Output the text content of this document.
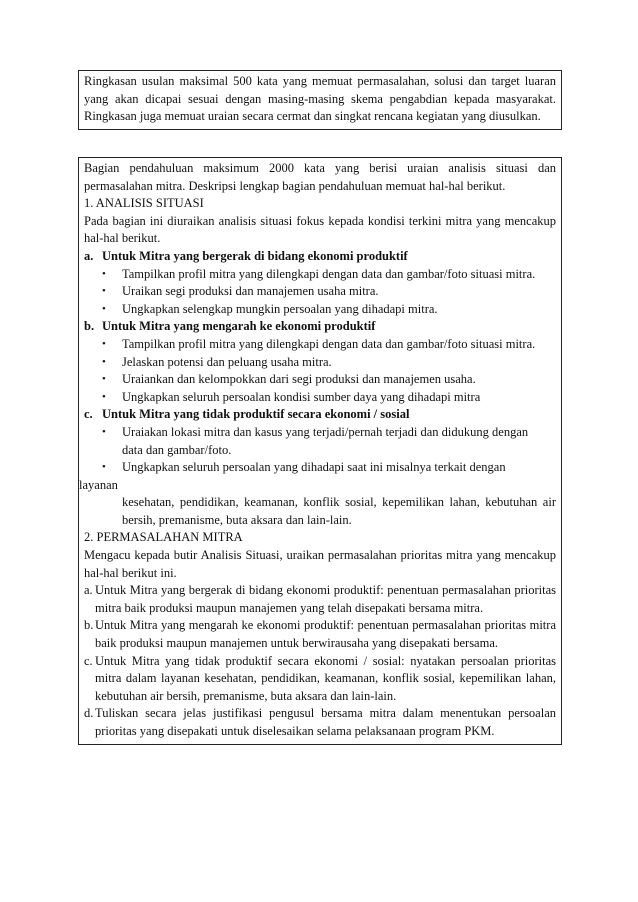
Ringkasan usulan maksimal 500 kata yang memuat permasalahan, solusi dan target luaran yang akan dicapai sesuai dengan masing-masing skema pengabdian kepada masyarakat. Ringkasan juga memuat uraian secara cermat dan singkat rencana kegiatan yang diusulkan.
Bagian pendahuluan maksimum 2000 kata yang berisi uraian analisis situasi dan permasalahan mitra. Deskripsi lengkap bagian pendahuluan memuat hal-hal berikut.
1. ANALISIS SITUASI
Pada bagian ini diuraikan analisis situasi fokus kepada kondisi terkini mitra yang mencakup hal-hal berikut.
a. Untuk Mitra yang bergerak di bidang ekonomi produktif
• Tampilkan profil mitra yang dilengkapi dengan data dan gambar/foto situasi mitra.
• Uraikan segi produksi dan manajemen usaha mitra.
• Ungkapkan selengkap mungkin persoalan yang dihadapi mitra.
b. Untuk Mitra yang mengarah ke ekonomi produktif
• Tampilkan profil mitra yang dilengkapi dengan data dan gambar/foto situasi mitra.
• Jelaskan potensi dan peluang usaha mitra.
• Uraiankan dan kelompokkan dari segi produksi dan manajemen usaha.
• Ungkapkan seluruh persoalan kondisi sumber daya yang dihadapi mitra
c. Untuk Mitra yang tidak produktif secara ekonomi / sosial
• Uraiakan lokasi mitra dan kasus yang terjadi/pernah terjadi dan didukung dengan
data dan gambar/foto.
• Ungkapkan seluruh persoalan yang dihadapi saat ini misalnya terkait dengan
layanan
kesehatan, pendidikan, keamanan, konflik sosial, kepemilikan lahan, kebutuhan air bersih, premanisme, buta aksara dan lain-lain.
2. PERMASALAHAN MITRA
Mengacu kepada butir Analisis Situasi, uraikan permasalahan prioritas mitra yang mencakup hal-hal berikut ini.
a. Untuk Mitra yang bergerak di bidang ekonomi produktif: penentuan permasalahan prioritas mitra baik produksi maupun manajemen yang telah disepakati bersama mitra.
b. Untuk Mitra yang mengarah ke ekonomi produktif: penentuan permasalahan prioritas mitra baik produksi maupun manajemen untuk berwirausaha yang disepakati bersama.
c. Untuk Mitra yang tidak produktif secara ekonomi / sosial: nyatakan persoalan prioritas mitra dalam layanan kesehatan, pendidikan, keamanan, konflik sosial, kepemilikan lahan, kebutuhan air bersih, premanisme, buta aksara dan lain-lain.
d. Tuliskan secara jelas justifikasi pengusul bersama mitra dalam menentukan persoalan prioritas yang disepakati untuk diselesaikan selama pelaksanaan program PKM.
